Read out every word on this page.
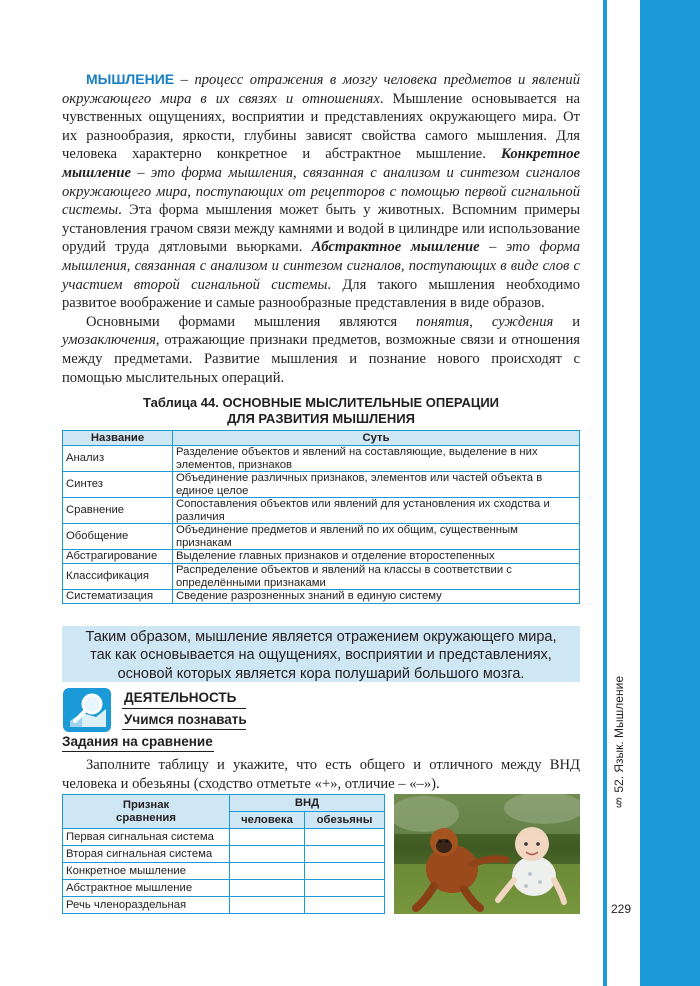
§ 52. Язык. Мышление
229

МЫШЛЕНИЕ – процесс отражения в мозгу человека предметов и явлений окружающего мира в их связях и отношениях. Мышление основывается на чувственных ощущениях, восприятии и представлениях окружающего мира. От их разнообразия, яркости, глубины зависят свойства самого мышления. Для человека характерно конкретное и абстрактное мышление. Конкретное мышление – это форма мышления, связанная с анализом и синтезом сигналов окружающего мира, поступающих от рецепторов с помощью первой сигнальной системы. Эта форма мышления может быть у животных. Вспомним примеры установления грачом связи между камнями и водой в цилиндре или использование орудий труда дятловыми вьюрками. Абстрактное мышление – это форма мышления, связанная с анализом и синтезом сигналов, поступающих в виде слов с участием второй сигнальной системы. Для такого мышления необходимо развитое воображение и самые разнообразные представления в виде образов.

Основными формами мышления являются понятия, суждения и умозаключения, отражающие признаки предметов, возможные связи и отношения между предметами. Развитие мышления и познание нового происходят с помощью мыслительных операций.

Таблица 44. ОСНОВНЫЕ МЫСЛИТЕЛЬНЫЕ ОПЕРАЦИИ
ДЛЯ РАЗВИТИЯ МЫШЛЕНИЯ
Название	Суть
Анализ	Разделение объектов и явлений на составляющие, выделение в них элементов, признаков
Синтез	Объединение различных признаков, элементов или частей объекта в единое целое
Сравнение	Сопоставления объектов или явлений для установления их сходства и различия
Обобщение	Объединение предметов и явлений по их общим, существенным признакам
Абстрагирование	Выделение главных признаков и отделение второстепенных
Классификация	Распределение объектов и явлений на классы в соответствии с определёнными признаками
Систематизация	Сведение разрозненных знаний в единую систему
Таким образом, мышление является отражением окружающего мира,
так как основывается на ощущениях, восприятии и представлениях,
основой которых является кора полушарий большого мозга.
ДЕЯТЕЛЬНОСТЬ
Учимся познавать
Задания на сравнение

Заполните таблицу и укажите, что есть общего и отличного между ВНД человека и обезьяны (сходство отметьте «+», отличие – «–»).

Признак
сравнения	ВНД	
	человека	обезьяны
Первая сигнальная система		
Вторая сигнальная система		
Конкретное мышление		
Абстрактное мышление		
Речь членораздельная		
